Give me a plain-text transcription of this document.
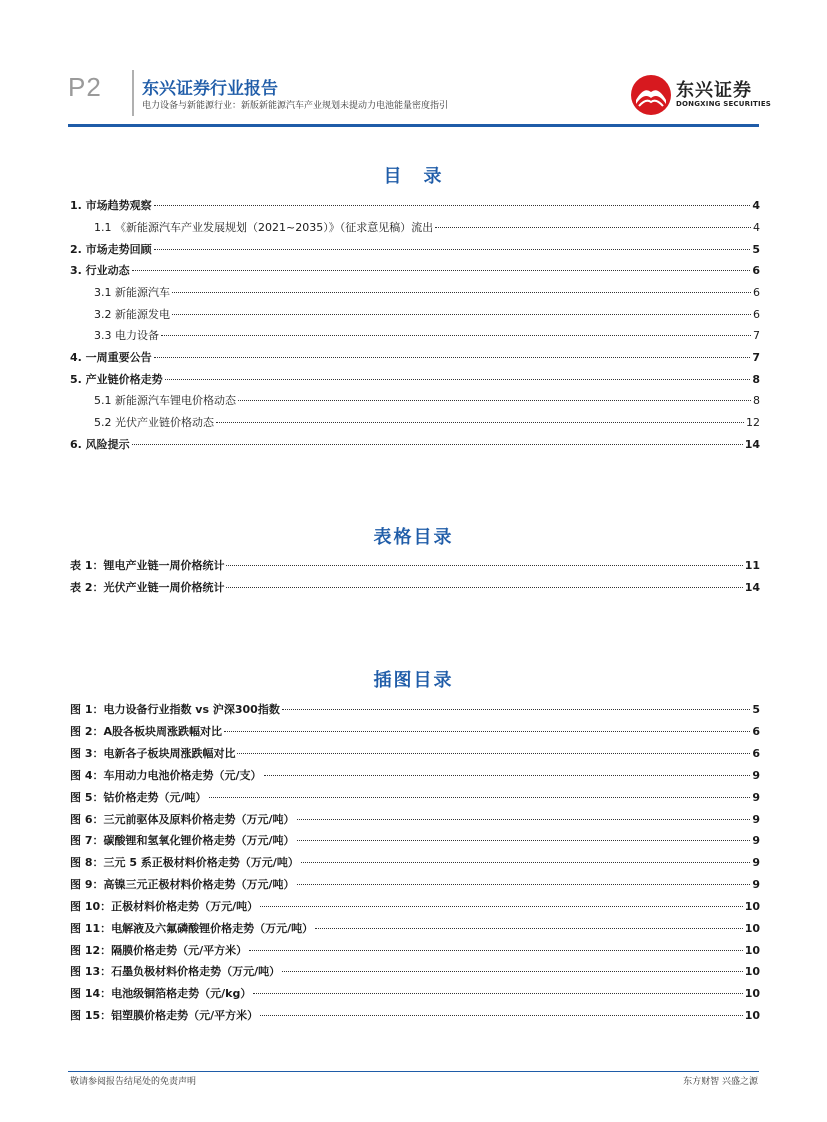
P2 东兴证券行业报告
电力设备与新能源行业：新版新能源汽车产业规划未提动力电池能量密度指引
东兴证券
DONGXING SECURITIES
目　录
1. 市场趋势观察	4
1.1 《新能源汽车产业发展规划（2021~2035）》（征求意见稿）流出	4
2. 市场走势回顾	5
3. 行业动态	6
3.1 新能源汽车	6
3.2 新能源发电	6
3.3 电力设备	7
4. 一周重要公告	7
5. 产业链价格走势	8
5.1 新能源汽车锂电价格动态	8
5.2 光伏产业链价格动态	12
6. 风险提示	14
表格目录
表 1：锂电产业链一周价格统计	11
表 2：光伏产业链一周价格统计	14
插图目录
图 1：电力设备行业指数 vs 沪深300指数	5
图 2：A股各板块周涨跌幅对比	6
图 3：电新各子板块周涨跌幅对比	6
图 4：车用动力电池价格走势（元/支）	9
图 5：钴价格走势（元/吨）	9
图 6：三元前驱体及原料价格走势（万元/吨）	9
图 7：碳酸锂和氢氧化锂价格走势（万元/吨）	9
图 8：三元 5 系正极材料价格走势（万元/吨）	9
图 9：高镍三元正极材料价格走势（万元/吨）	9
图 10：正极材料价格走势（万元/吨）	10
图 11：电解液及六氟磷酸锂价格走势（万元/吨）	10
图 12：隔膜价格走势（元/平方米）	10
图 13：石墨负极材料价格走势（万元/吨）	10
图 14：电池级铜箔格走势（元/kg）	10
图 15：铝塑膜价格走势（元/平方米）	10
敬请参阅报告结尾处的免责声明	东方财智 兴盛之源
